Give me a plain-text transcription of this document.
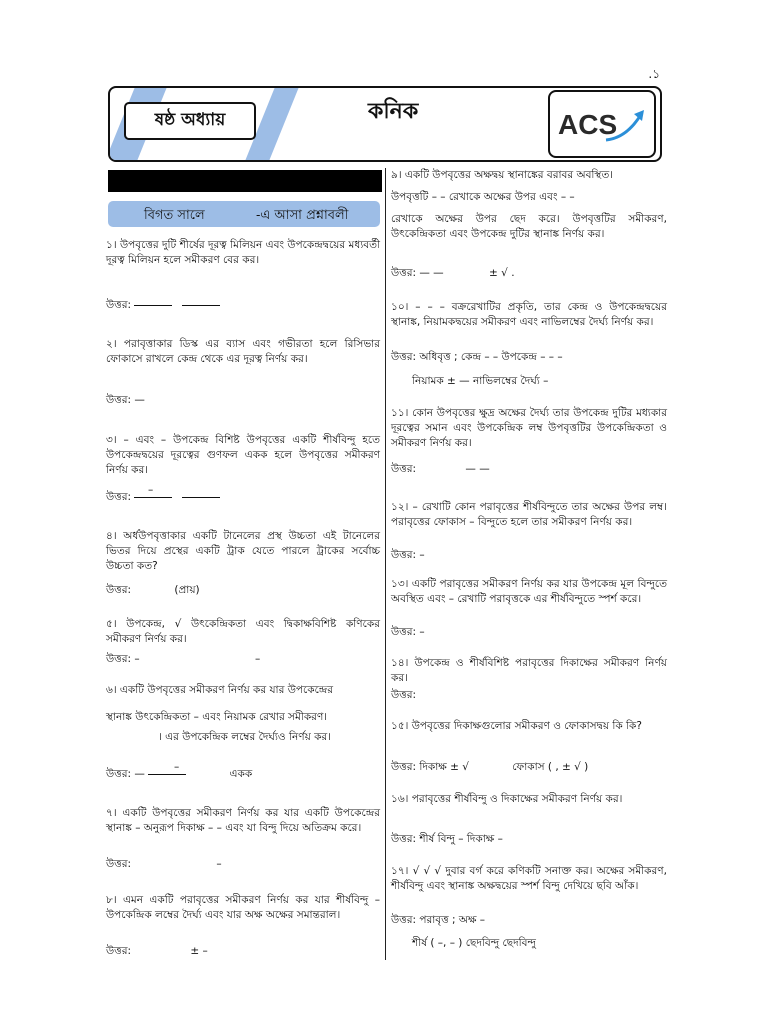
.১
ষষ্ঠ অধ্যায়	কনিক	ACS
বিগত সালে	-এ আসা প্রশ্নাবলী
১। উপবৃত্তের দুটি শীর্ষের দূরত্ব মিলিয়ন এবং উপকেন্দ্রদ্বয়ের মধ্যবর্তী দূরত্ব মিলিয়ন হলে সমীকরণ বের কর।
উত্তর:
২। পরাবৃত্তাকার ডিস্ক এর ব্যাস এবং গভীরতা হলে রিসিভার ফোকাসে রাখলে কেন্দ্র থেকে এর দূরত্ব নির্ণয় কর।
উত্তর: —
৩। – এবং – উপকেন্দ্র বিশিষ্ট উপবৃত্তের একটি শীর্ষবিন্দু হতে উপকেন্দ্রদ্বয়ের দূরত্বের গুণফল একক হলে উপবৃত্তের সমীকরণ নির্ণয় কর।
–
উত্তর:
৪। অর্ধউপবৃত্তাকার একটি টানেলের প্রস্থ উচ্চতা এই টানেলের ভিতর দিয়ে প্রস্থের একটি ট্রাক যেতে পারলে ট্রাকের সর্বোচ্চ উচ্চতা কত?
উত্তর:	(প্রায়)
৫। উপকেন্দ্র, √ উৎকেন্দ্রিকতা এবং দ্বিকাক্ষবিশিষ্ট কণিকের সমীকরণ নির্ণয় কর।
উত্তর: –	–
৬। একটি উপবৃত্তের সমীকরণ নির্ণয় কর যার উপকেন্দ্রের
স্থানাঙ্ক উৎকেন্দ্রিকতা – এবং নিয়ামক রেখার সমীকরণ।
। এর উপকেন্দ্রিক লম্বের দৈর্ঘ্যও নির্ণয় কর।
–
উত্তর: —	একক
৭। একটি উপবৃত্তের সমীকরণ নির্ণয় কর যার একটি উপকেন্দ্রের স্থানাঙ্ক – অনুরূপ দিকাক্ষ – – এবং যা বিন্দু দিয়ে অতিক্রম করে।
উত্তর:	–
৮। এমন একটি পরাবৃত্তের সমীকরণ নির্ণয় কর যার শীর্ষবিন্দু – উপকেন্দ্রিক লম্বের দৈর্ঘ্য এবং যার অক্ষ অক্ষের সমান্তরাল।
উত্তর:	± –
৯। একটি উপবৃত্তের অক্ষদ্বয় স্থানাঙ্কের বরাবর অবস্থিত।
উপবৃত্তটি – – রেখাকে অক্ষের উপর এবং – –
রেখাকে অক্ষের উপর ছেদ করে। উপবৃত্তটির সমীকরণ, উৎকেন্দ্রিকতা এবং উপকেন্দ্র দুটির স্থানাঙ্ক নির্ণয় কর।
উত্তর: — —	± √ .
১০। – – – বক্ররেখাটির প্রকৃতি, তার কেন্দ্র ও উপকেন্দ্রদ্বয়ের স্থানাঙ্ক, নিয়ামকদ্বয়ের সমীকরণ এবং নাভিলম্বের দৈর্ঘ্য নির্ণয় কর।
উত্তর: অধিবৃত্ত ; কেন্দ্র – – উপকেন্দ্র – – –
নিয়ামক ± — নাভিলম্বের দৈর্ঘ্য –
১১। কোন উপবৃত্তের ক্ষুদ্র অক্ষের দৈর্ঘ্য তার উপকেন্দ্র দুটির মধ্যকার দূরত্বের সমান এবং উপকেন্দ্রিক লম্ব উপবৃত্তটির উপকেন্দ্রিকতা ও সমীকরণ নির্ণয় কর।
উত্তর:	— —
১২। – রেখাটি কোন পরাবৃত্তের শীর্ষবিন্দুতে তার অক্ষের উপর লম্ব। পরাবৃত্তের ফোকাস – বিন্দুতে হলে তার সমীকরণ নির্ণয় কর।
উত্তর: –
১৩। একটি পরাবৃত্তের সমীকরণ নির্ণয় কর যার উপকেন্দ্র মূল বিন্দুতে অবস্থিত এবং – রেখাটি পরাবৃত্তকে এর শীর্ষবিন্দুতে স্পর্শ করে।
উত্তর: –
১৪। উপকেন্দ্র ও শীর্ষবিশিষ্ট পরাবৃত্তের দিকাক্ষের সমীকরণ নির্ণয় কর।
উত্তর:
১৫। উপবৃত্তের দিকাক্ষগুলোর সমীকরণ ও ফোকাসদ্বয় কি কি?
উত্তর: দিকাক্ষ ± √	ফোকাস ( , ± √ )
১৬। পরাবৃত্তের শীর্ষবিন্দু ও দিকাক্ষের সমীকরণ নির্ণয় কর।
উত্তর: শীর্ষ বিন্দু – দিকাক্ষ –
১৭। √ √ √ দুবার বর্গ করে কণিকটি সনাক্ত কর। অক্ষের সমীকরণ, শীর্ষবিন্দু এবং স্থানাঙ্ক অক্ষদ্বয়ের স্পর্শ বিন্দু দেখিয়ে ছবি আঁক।
উত্তর: পরাবৃত্ত ; অক্ষ –
শীর্ষ ( –, – ) ছেদবিন্দু ছেদবিন্দু
